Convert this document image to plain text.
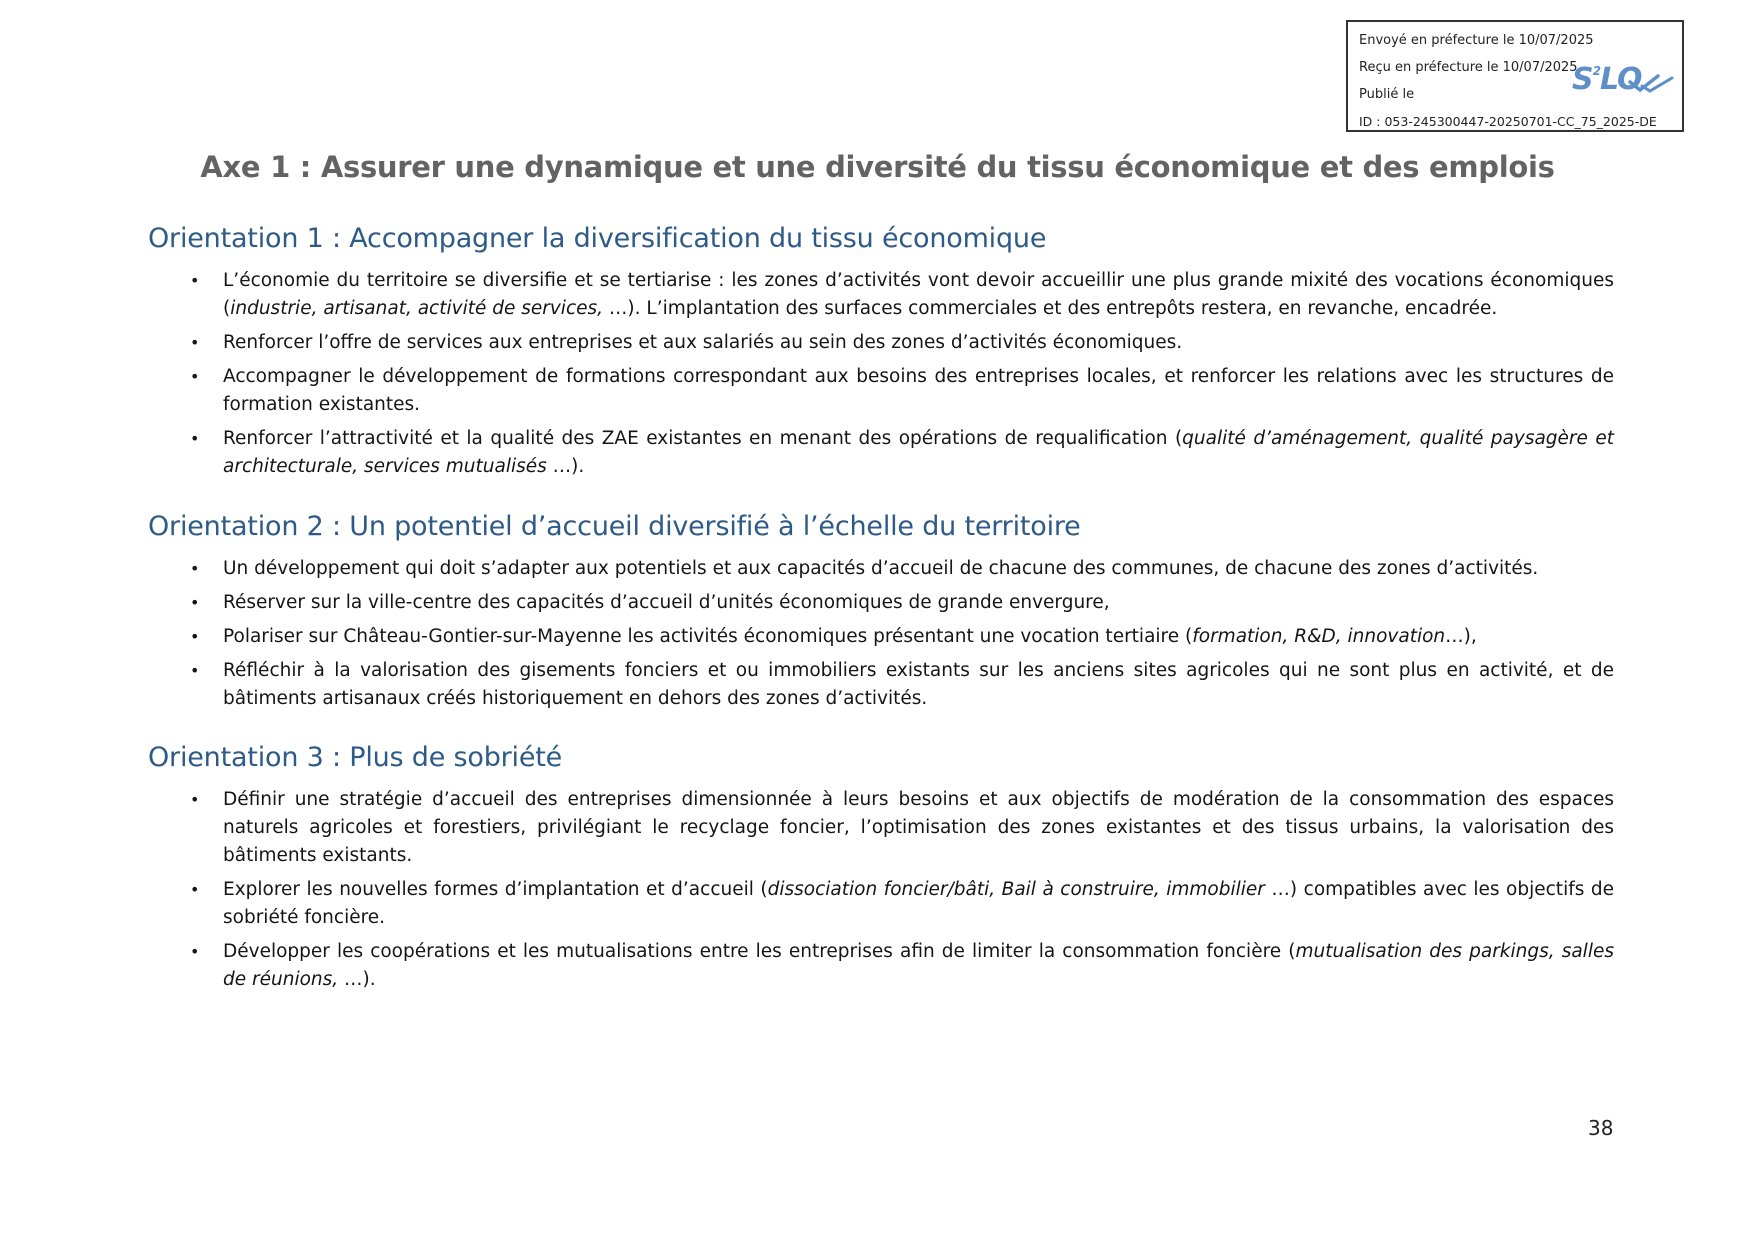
Envoyé en préfecture le 10/07/2025
Reçu en préfecture le 10/07/2025
Publié le
ID : 053-245300447-20250701-CC_75_2025-DE
$S^2LO$
Axe 1 : Assurer une dynamique et une diversité du tissu économique et des emplois
Orientation 1 : Accompagner la diversification du tissu économique
• L’économie du territoire se diversifie et se tertiarise : les zones d’activités vont devoir accueillir une plus grande mixité des vocations économiques (industrie, artisanat, activité de services, …). L’implantation des surfaces commerciales et des entrepôts restera, en revanche, encadrée.
• Renforcer l’offre de services aux entreprises et aux salariés au sein des zones d’activités économiques.
• Accompagner le développement de formations correspondant aux besoins des entreprises locales, et renforcer les relations avec les structures de formation existantes.
• Renforcer l’attractivité et la qualité des ZAE existantes en menant des opérations de requalification (qualité d’aménagement, qualité paysagère et architecturale, services mutualisés …).
Orientation 2 : Un potentiel d’accueil diversifié à l’échelle du territoire
• Un développement qui doit s’adapter aux potentiels et aux capacités d’accueil de chacune des communes, de chacune des zones d’activités.
• Réserver sur la ville-centre des capacités d’accueil d’unités économiques de grande envergure,
• Polariser sur Château-Gontier-sur-Mayenne les activités économiques présentant une vocation tertiaire (formation, R&D, innovation…),
• Réfléchir à la valorisation des gisements fonciers et ou immobiliers existants sur les anciens sites agricoles qui ne sont plus en activité, et de bâtiments artisanaux créés historiquement en dehors des zones d’activités.
Orientation 3 : Plus de sobriété
• Définir une stratégie d’accueil des entreprises dimensionnée à leurs besoins et aux objectifs de modération de la consommation des espaces naturels agricoles et forestiers, privilégiant le recyclage foncier, l’optimisation des zones existantes et des tissus urbains, la valorisation des bâtiments existants.
• Explorer les nouvelles formes d’implantation et d’accueil (dissociation foncier/bâti, Bail à construire, immobilier …) compatibles avec les objectifs de sobriété foncière.
• Développer les coopérations et les mutualisations entre les entreprises afin de limiter la consommation foncière (mutualisation des parkings, salles de réunions, …).
38
